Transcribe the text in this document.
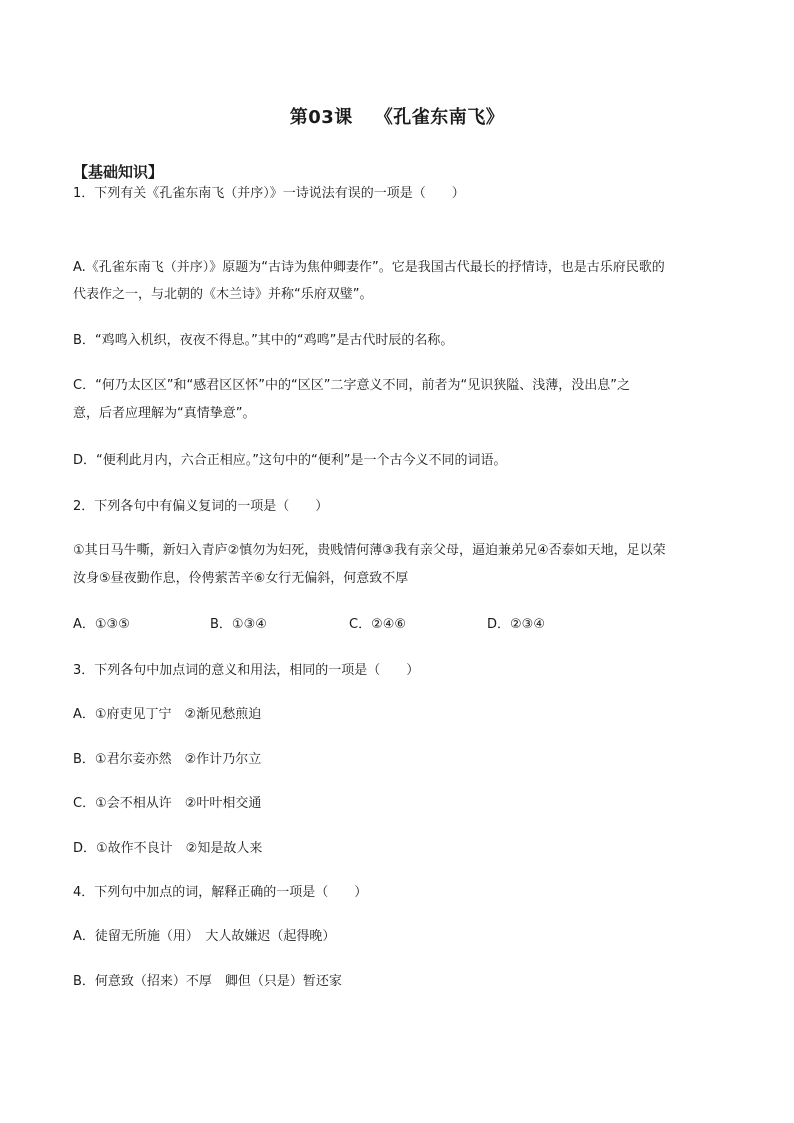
第03课 《孔雀东南飞》
【基础知识】
1．下列有关《孔雀东南飞（并序）》一诗说法有误的一项是（　　）
A.《孔雀东南飞（并序）》原题为“古诗为焦仲卿妻作”。它是我国古代最长的抒情诗，也是古乐府民歌的
代表作之一，与北朝的《木兰诗》并称“乐府双璧”。
B．“鸡鸣入机织，夜夜不得息。”其中的“鸡鸣”是古代时辰的名称。
C．“何乃太区区”和“感君区区怀”中的“区区”二字意义不同，前者为“见识狭隘、浅薄，没出息”之
意，后者应理解为“真情挚意”。
D．“便利此月内，六合正相应。”这句中的“便利”是一个古今义不同的词语。
2．下列各句中有偏义复词的一项是（　　）
①其日马牛嘶，新妇入青庐②慎勿为妇死，贵贱情何薄③我有亲父母，逼迫兼弟兄④否泰如天地，足以荣
汝身⑤昼夜勤作息，伶俜萦苦辛⑥女行无偏斜，何意致不厚
A．①③⑤	B．①③④	C．②④⑥	D．②③④
3．下列各句中加点词的意义和用法，相同的一项是（　　）
A．①府吏见丁宁　②渐见愁煎迫
B．①君尔妾亦然　②作计乃尔立
C．①会不相从许　②叶叶相交通
D．①故作不良计　②知是故人来
4．下列句中加点的词，解释正确的一项是（　　）
A．徒留无所施（用）　大人故嫌迟（起得晚）
B．何意致（招来）不厚　卿但（只是）暂还家
